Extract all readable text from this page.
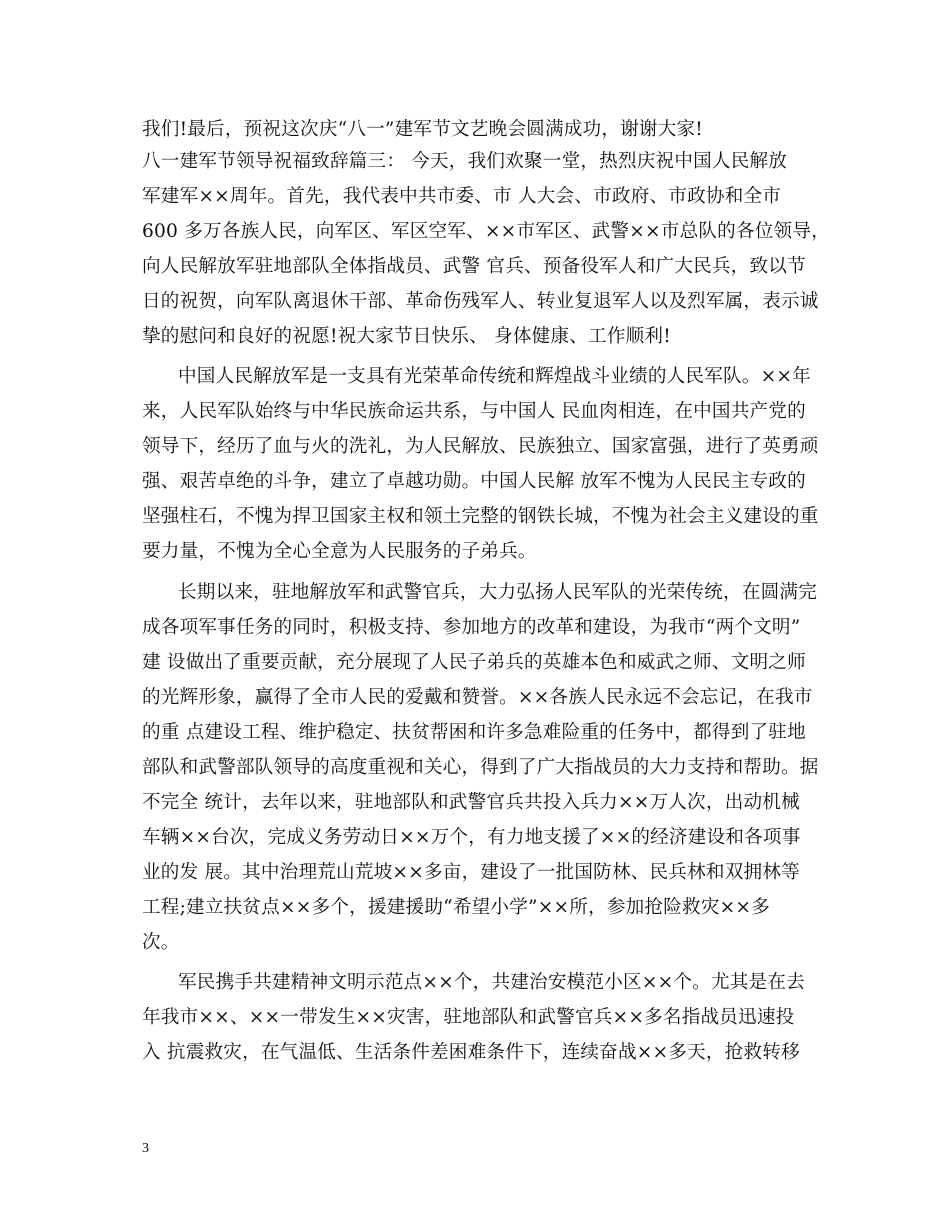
我们!最后，预祝这次庆“八一”建军节文艺晚会圆满成功，谢谢大家!
八一建军节领导祝福致辞篇三： 今天，我们欢聚一堂，热烈庆祝中国人民解放
军建军××周年。首先，我代表中共市委、市 人大会、市政府、市政协和全市
600 多万各族人民，向军区、军区空军、××市军区、武警××市总队的各位领导，
向人民解放军驻地部队全体指战员、武警 官兵、预备役军人和广大民兵，致以节
日的祝贺，向军队离退休干部、革命伤残军人、转业复退军人以及烈军属，表示诚
挚的慰问和良好的祝愿!祝大家节日快乐、 身体健康、工作顺利!
中国人民解放军是一支具有光荣革命传统和辉煌战斗业绩的人民军队。××年
来，人民军队始终与中华民族命运共系，与中国人 民血肉相连，在中国共产党的
领导下，经历了血与火的洗礼，为人民解放、民族独立、国家富强，进行了英勇顽
强、艰苦卓绝的斗争，建立了卓越功勋。中国人民解 放军不愧为人民民主专政的
坚强柱石，不愧为捍卫国家主权和领土完整的钢铁长城，不愧为社会主义建设的重
要力量，不愧为全心全意为人民服务的子弟兵。
长期以来，驻地解放军和武警官兵，大力弘扬人民军队的光荣传统，在圆满完
成各项军事任务的同时，积极支持、参加地方的改革和建设，为我市“两个文明”
建 设做出了重要贡献，充分展现了人民子弟兵的英雄本色和威武之师、文明之师
的光辉形象，赢得了全市人民的爱戴和赞誉。××各族人民永远不会忘记，在我市
的重 点建设工程、维护稳定、扶贫帮困和许多急难险重的任务中，都得到了驻地
部队和武警部队领导的高度重视和关心，得到了广大指战员的大力支持和帮助。据
不完全 统计，去年以来，驻地部队和武警官兵共投入兵力××万人次，出动机械
车辆××台次，完成义务劳动日××万个，有力地支援了××的经济建设和各项事
业的发 展。其中治理荒山荒坡××多亩，建设了一批国防林、民兵林和双拥林等
工程;建立扶贫点××多个，援建援助“希望小学”××所，参加抢险救灾××多
次。
军民携手共建精神文明示范点××个，共建治安模范小区××个。尤其是在去
年我市××、××一带发生××灾害，驻地部队和武警官兵××多名指战员迅速投
入 抗震救灾，在气温低、生活条件差困难条件下，连续奋战××多天，抢救转移
3
